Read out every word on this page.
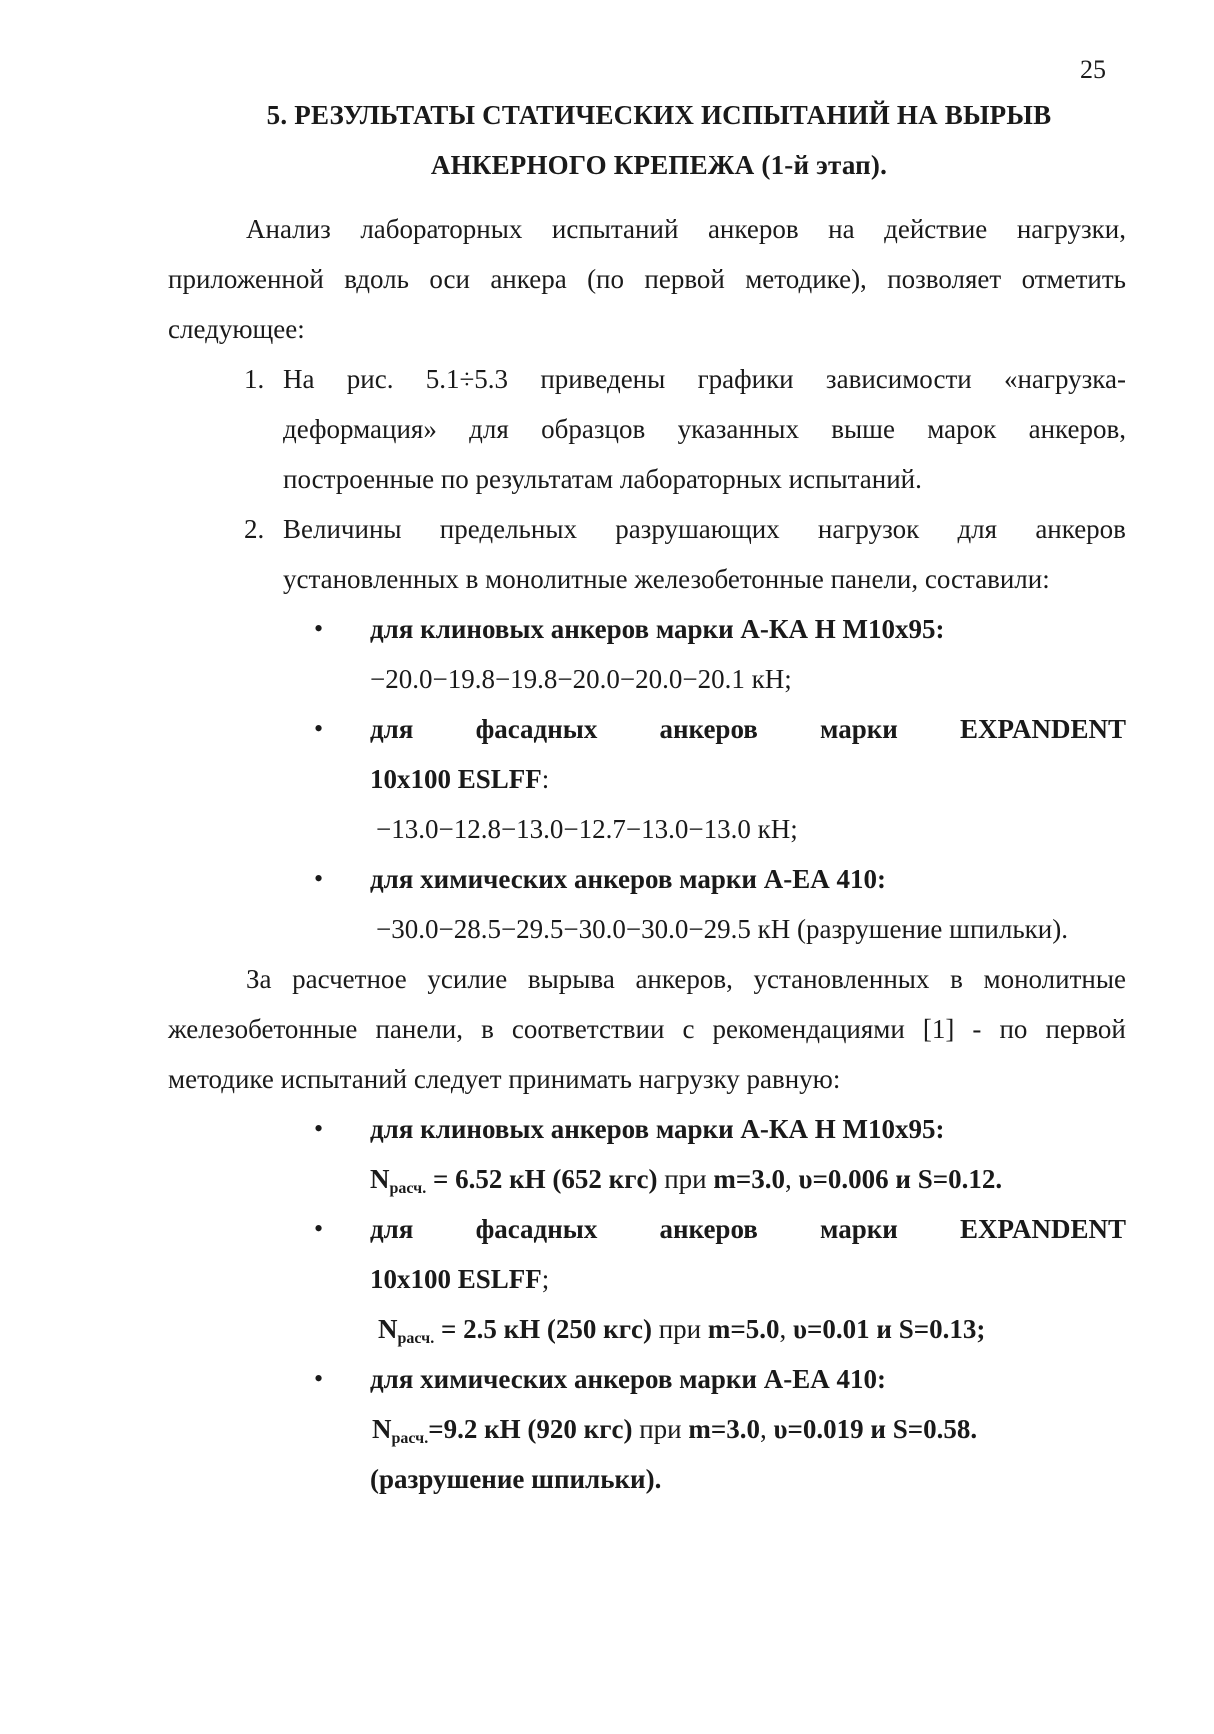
25
5. РЕЗУЛЬТАТЫ СТАТИЧЕСКИХ ИСПЫТАНИЙ НА ВЫРЫВ
АНКЕРНОГО КРЕПЕЖА (1-й этап).
Анализ лабораторных испытаний анкеров на действие нагрузки,
приложенной вдоль оси анкера (по первой методике), позволяет отметить
следующее:
1. На рис. 5.1÷5.3 приведены графики зависимости «нагрузка-
деформация» для образцов указанных выше марок анкеров,
построенные по результатам лабораторных испытаний.
2. Величины предельных разрушающих нагрузок для анкеров
установленных в монолитные железобетонные панели, составили:
• для клиновых анкеров марки А-КА Н М10х95:
−20.0−19.8−19.8−20.0−20.0−20.1 кН;
• для фасадных анкеров марки EXPANDENT
10х100 ESLFF:
−13.0−12.8−13.0−12.7−13.0−13.0 кН;
• для химических анкеров марки А-ЕА 410:
−30.0−28.5−29.5−30.0−30.0−29.5 кН (разрушение шпильки).
За расчетное усилие вырыва анкеров, установленных в монолитные
железобетонные панели, в соответствии с рекомендациями [1] - по первой
методике испытаний следует принимать нагрузку равную:
• для клиновых анкеров марки А-КА Н М10х95:
$N_{расч.} = 6.52$ кН (652 кгс) при m=3.0, υ=0.006 и S=0.12.
• для фасадных анкеров марки EXPANDENT
10х100 ESLFF;
$N_{расч.} = 2.5$ кН (250 кгс) при m=5.0, υ=0.01 и S=0.13;
• для химических анкеров марки А-ЕА 410:
$N_{расч.}=9.2$ кН (920 кгс) при m=3.0, υ=0.019 и S=0.58.
(разрушение шпильки).
